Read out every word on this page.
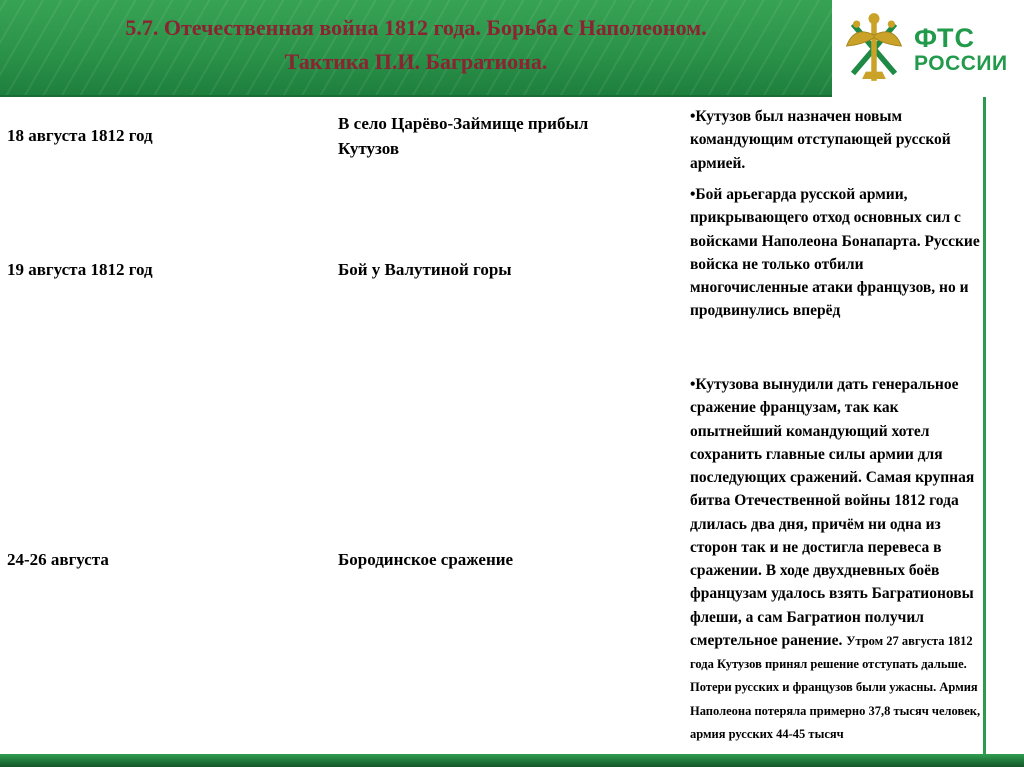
5.7. Отечественная война 1812 года. Борьба с Наполеоном.
Тактика П.И. Багратиона.
ФТС
РОССИИ
18 августа 1812 год
В село Царёво-Займище прибыл Кутузов
•Кутузов был назначен новым командующим отступающей русской армией.
19 августа 1812 год	Бой у Валутиной горы
•Бой арьегарда русской армии, прикрывающего отход основных сил с войсками Наполеона Бонапарта. Русские войска не только отбили многочисленные атаки французов, но и продвинулись вперёд
24-26 августа	Бородинское сражение
•Кутузова вынудили дать генеральное сражение французам, так как опытнейший командующий хотел сохранить главные силы армии для последующих сражений. Самая крупная битва Отечественной войны 1812 года длилась два дня, причём ни одна из сторон так и не достигла перевеса в сражении. В ходе двухдневных боёв французам удалось взять Багратионовы флеши, а сам Багратион получил смертельное ранение. Утром 27 августа 1812 года Кутузов принял решение отступать дальше. Потери русских и французов были ужасны. Армия Наполеона потеряла примерно 37,8 тысяч человек, армия русских 44-45 тысяч
